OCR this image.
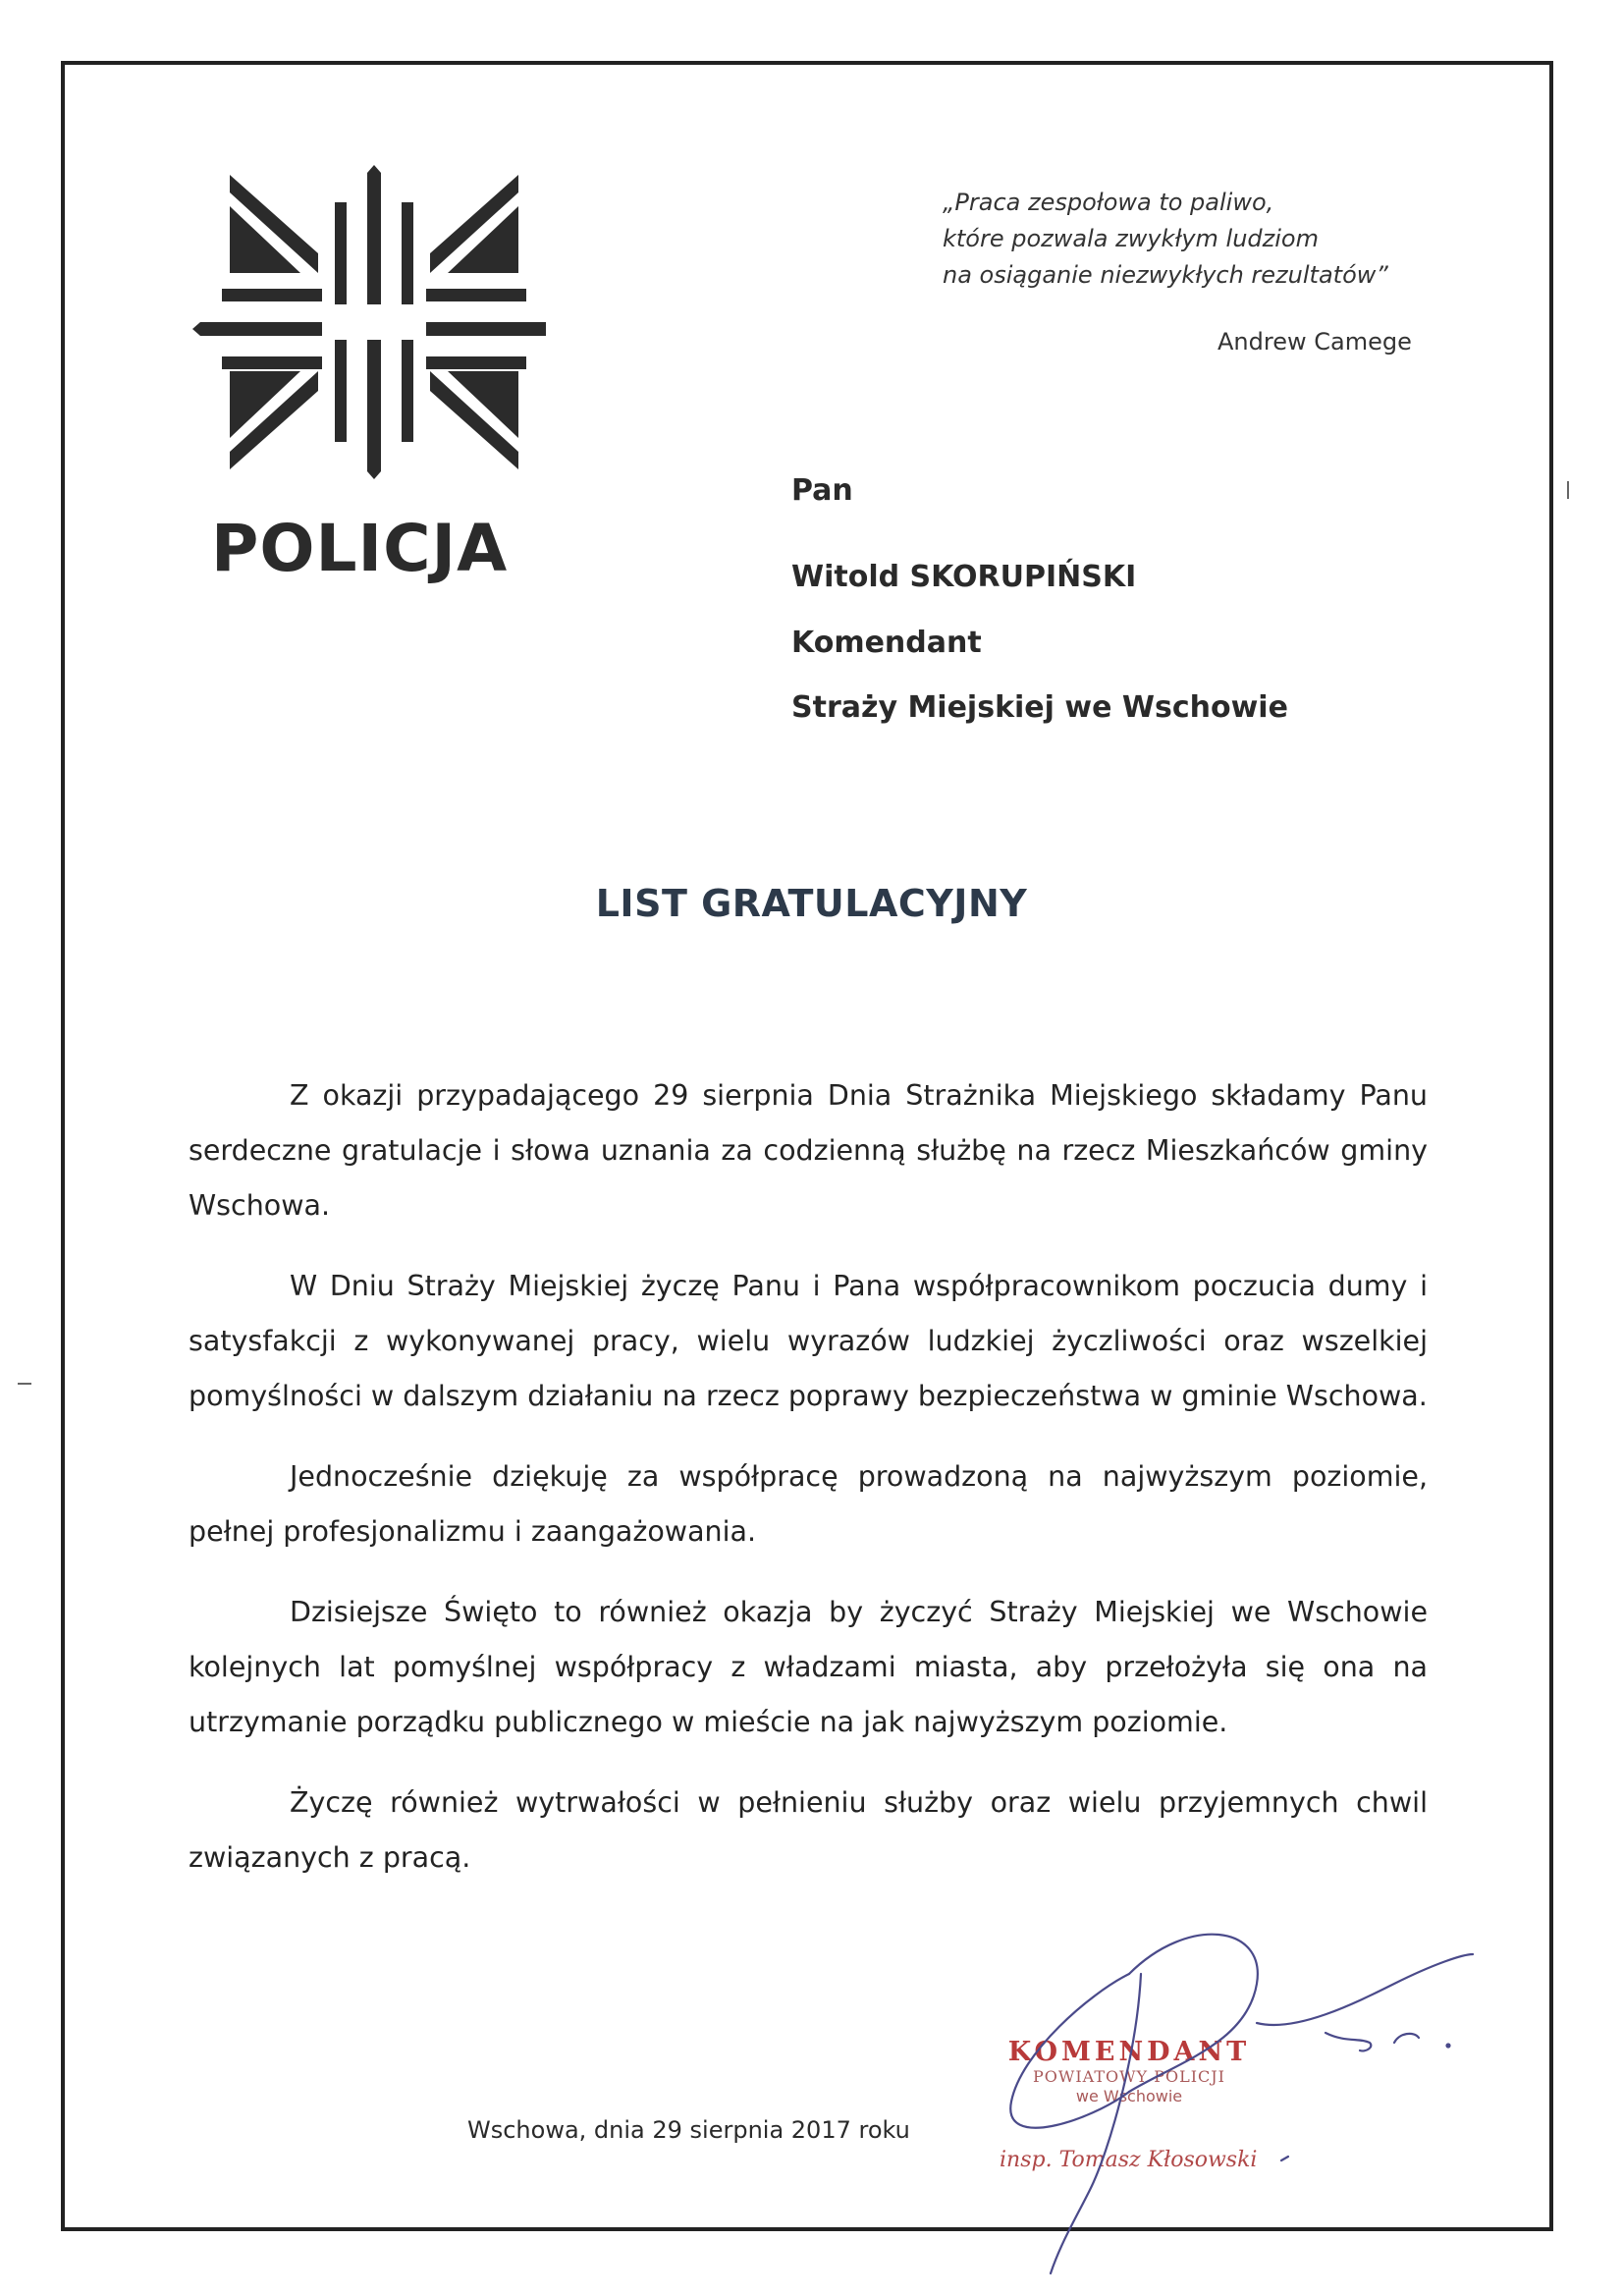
POLICJA
„Praca zespołowa to paliwo,
które pozwala zwykłym ludziom
na osiąganie niezwykłych rezultatów”
Andrew Camege
Pan
Witold SKORUPIŃSKI
Komendant
Straży Miejskiej we Wschowie
LIST GRATULACYJNY

Z okazji przypadającego 29 sierpnia Dnia Strażnika Miejskiego składamy Panu serdeczne gratulacje i słowa uznania za codzienną służbę na rzecz Mieszkańców gminy Wschowa.

W Dniu Straży Miejskiej życzę Panu i Pana współpracownikom poczucia dumy i satysfakcji z wykonywanej pracy, wielu wyrazów ludzkiej życzliwości oraz wszelkiej pomyślności w dalszym działaniu na rzecz poprawy bezpieczeństwa w gminie Wschowa.

Jednocześnie dziękuję za współpracę prowadzoną na najwyższym poziomie, pełnej profesjonalizmu i zaangażowania.

Dzisiejsze Święto to również okazja by życzyć Straży Miejskiej we Wschowie kolejnych lat pomyślnej współpracy z władzami miasta, aby przełożyła się ona na utrzymanie porządku publicznego w mieście na jak najwyższym poziomie.

Życzę również wytrwałości w pełnieniu służby oraz wielu przyjemnych chwil związanych z pracą.

Wschowa, dnia 29 sierpnia 2017 roku
KOMENDANT
POWIATOWY POLICJI
we Wschowie
insp. Tomasz Kłosowski
